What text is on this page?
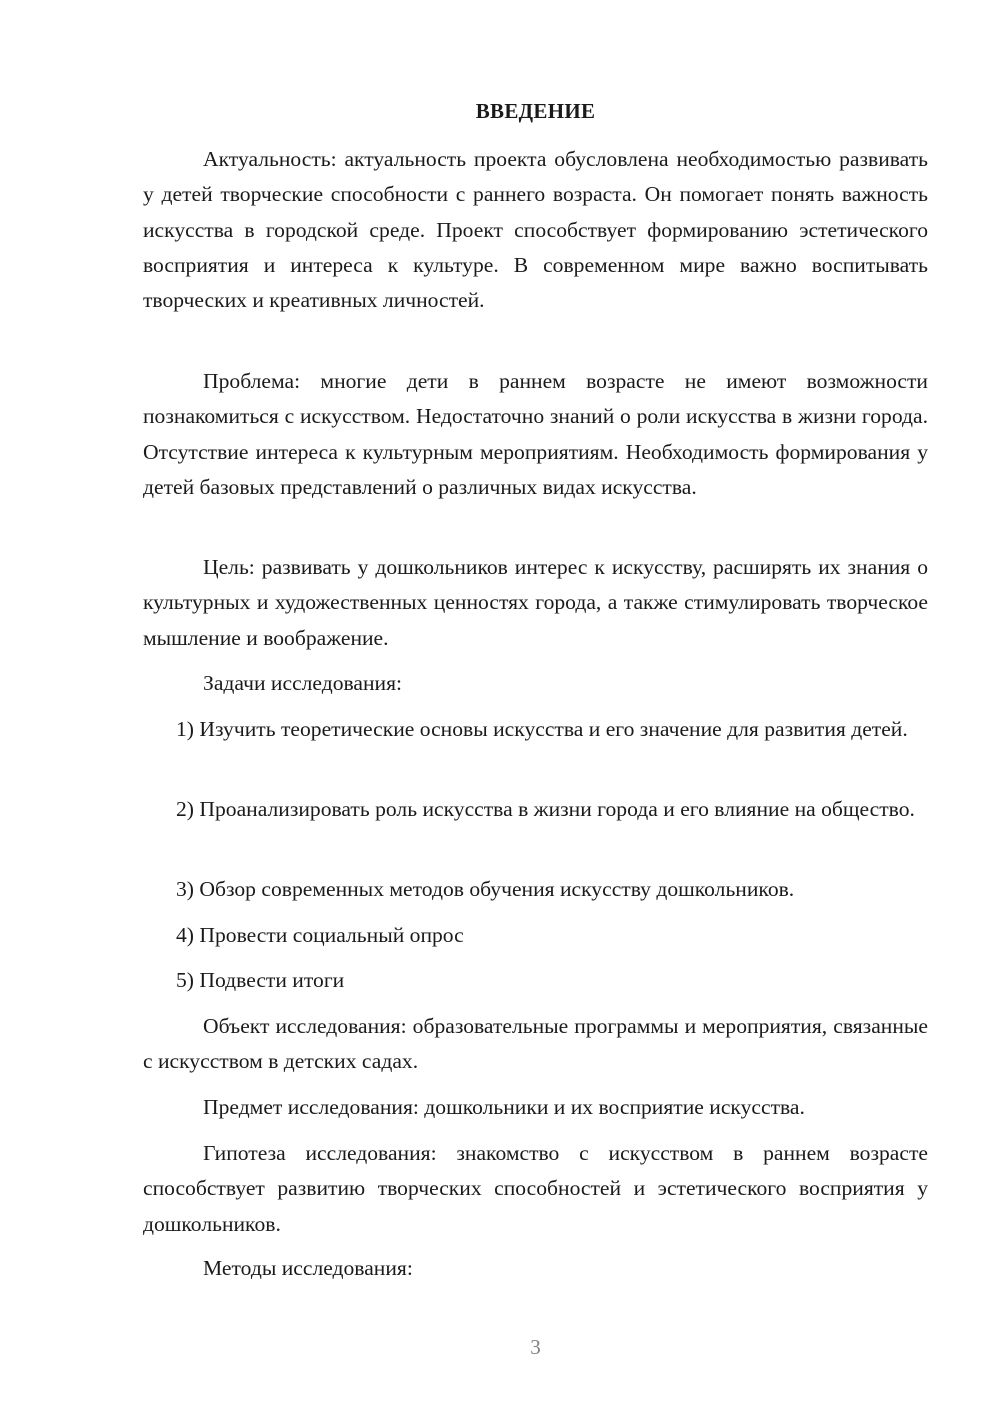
ВВЕДЕНИЕ

Актуальность: актуальность проекта обусловлена необходимостью развивать у детей творческие способности с раннего возраста. Он помогает понять важность искусства в городской среде. Проект способствует формированию эстетического восприятия и интереса к культуре. В современном мире важно воспитывать творческих и креативных личностей.

Проблема: многие дети в раннем возрасте не имеют возможности познакомиться с искусством. Недостаточно знаний о роли искусства в жизни города. Отсутствие интереса к культурным мероприятиям. Необходимость формирования у детей базовых представлений о различных видах искусства.

Цель: развивать у дошкольников интерес к искусству, расширять их знания о культурных и художественных ценностях города, а также стимулировать творческое мышление и воображение.

Задачи исследования:

1) Изучить теоретические основы искусства и его значение для развития детей.

2) Проанализировать роль искусства в жизни города и его влияние на общество.

3) Обзор современных методов обучения искусству дошкольников.

4) Провести социальный опрос

5) Подвести итоги

Объект исследования: образовательные программы и мероприятия, связанные с искусством в детских садах.

Предмет исследования: дошкольники и их восприятие искусства.

Гипотеза исследования: знакомство с искусством в раннем возрасте способствует развитию творческих способностей и эстетического восприятия у дошкольников.

Методы исследования:

3
